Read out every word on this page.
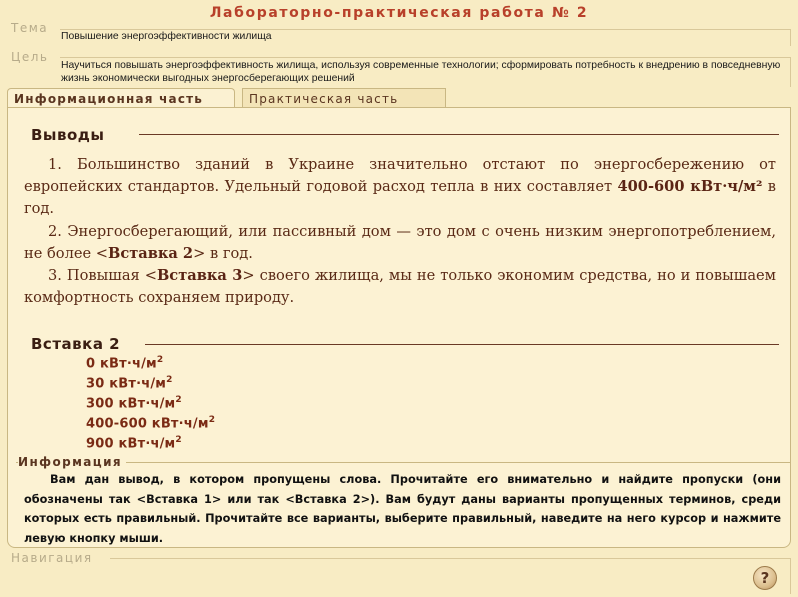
Лабораторно-практическая работа № 2
Тема
Повышение энергоэффективности жилища
Цель
Научиться повышать энергоэффективность жилища, используя современные технологии; сформировать потребность к внедрению в повседневную жизнь экономически выгодных энергосберегающих решений
Информационная часть	Практическая часть
Выводы

1. Большинство зданий в Украине значительно отстают по энергосбережению от европейских стандартов. Удельный годовой расход тепла в них составляет 400-600 кВт·ч/м² в год.

2. Энергосберегающий, или пассивный дом — это дом с очень низким энергопотреблением, не более <Вставка 2> в год.

3. Повышая <Вставка 3> своего жилища, мы не только экономим средства, но и повышаем комфортность сохраняем природу.

Вставка 2
0 $кВт\cdot ч/м^2$
30 $кВт\cdot ч/м^2$
300 $кВт\cdot ч/м^2$
400-600 $кВт\cdot ч/м^2$
900 $кВт\cdot ч/м^2$
Информация
Вам дан вывод, в котором пропущены слова. Прочитайте его внимательно и найдите пропуски (они обозначены так <Вставка 1> или так <Вставка 2>). Вам будут даны варианты пропущенных терминов, среди которых есть правильный. Прочитайте все варианты, выберите правильный, наведите на него курсор и нажмите левую кнопку мыши.
Навигация
?
